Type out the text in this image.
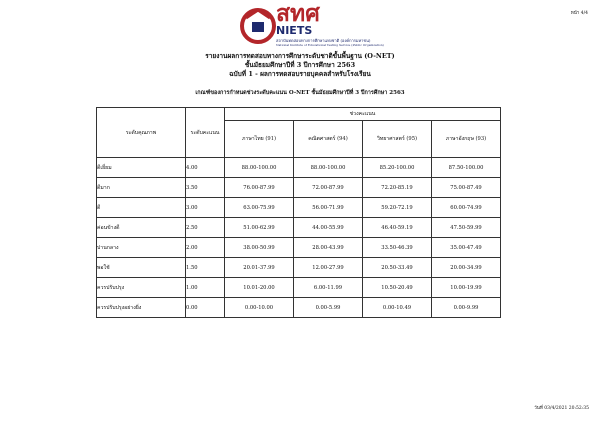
หน้า 4/4
สทศ
NIETS
สถาบันทดสอบทางการศึกษาแห่งชาติ (องค์การมหาชน)
National Institute of Educational Testing Service (Public Organization)
รายงานผลการทดสอบทางการศึกษาระดับชาติขั้นพื้นฐาน (O-NET)
ชั้นมัธยมศึกษาปีที่ 3 ปีการศึกษา 2563
ฉบับที่ 1 - ผลการทดสอบรายบุคคลสำหรับโรงเรียน
เกณฑ์ของการกำหนดช่วงระดับคะแนน O-NET ชั้นมัธยมศึกษาปีที่ 3 ปีการศึกษา 2563
ระดับคุณภาพ	ระดับคะแนน	ช่วงคะแนน			
		ภาษาไทย (91)	คณิตศาสตร์ (94)	วิทยาศาสตร์ (95)	ภาษาอังกฤษ (93)
ดีเยี่ยม	4.00	88.00-100.00	88.00-100.00	85.20-100.00	87.50-100.00
ดีมาก	3.50	76.00-87.99	72.00-87.99	72.20-85.19	75.00-87.49
ดี	3.00	63.00-75.99	56.00-71.99	59.20-72.19	60.00-74.99
ค่อนข้างดี	2.50	51.00-62.99	44.00-55.99	46.40-59.19	47.50-59.99
ปานกลาง	2.00	38.00-50.99	28.00-43.99	33.50-46.39	35.00-47.49
พอใช้	1.50	20.01-37.99	12.00-27.99	20.50-33.49	20.00-34.99
ควรปรับปรุง	1.00	10.01-20.00	6.00-11.99	10.50-20.49	10.00-19.99
ควรปรับปรุงอย่างยิ่ง	0.00	0.00-10.00	0.00-5.99	0.00-10.49	0.00-9.99
วันที่ 03/4/2021 20:52:35
